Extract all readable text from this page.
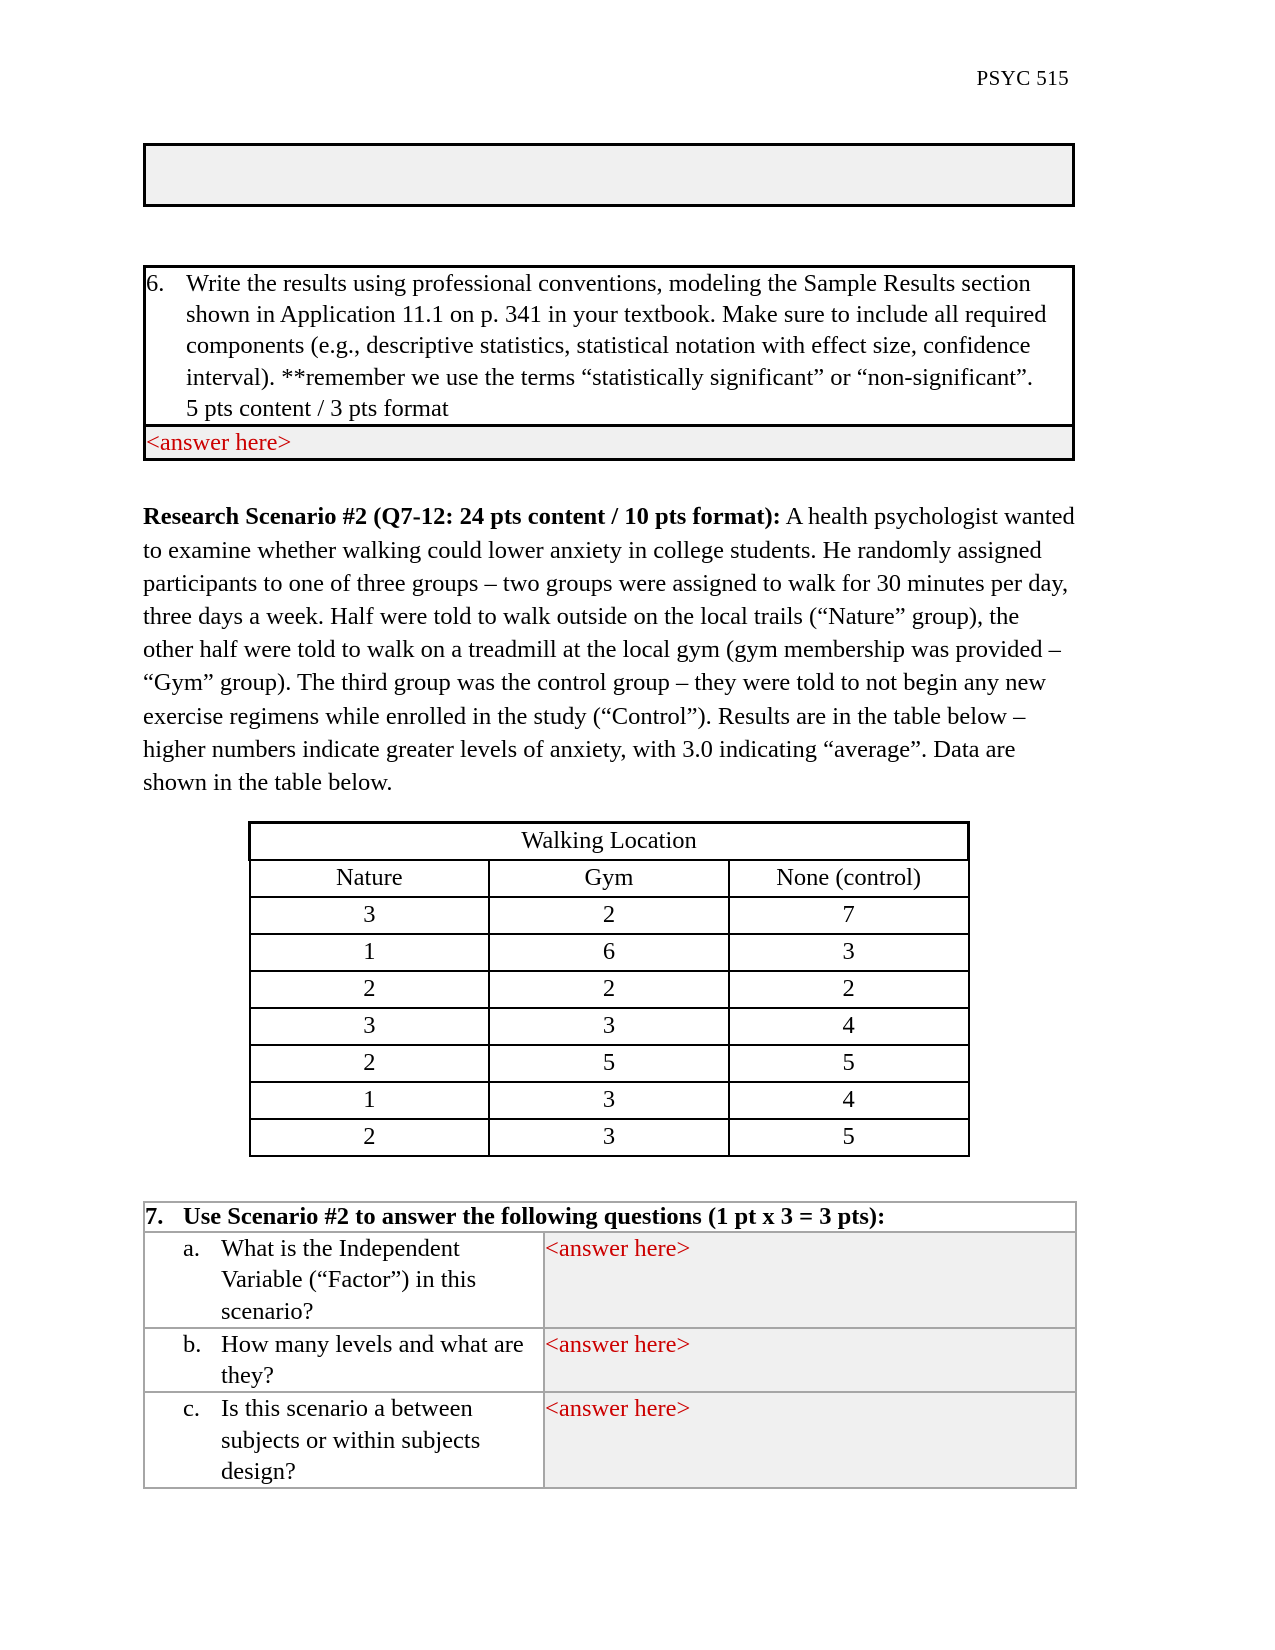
PSYC 515
6. Write the results using professional conventions, modeling the Sample Results section shown in Application 11.1 on p. 341 in your textbook. Make sure to include all required components (e.g., descriptive statistics, statistical notation with effect size, confidence interval). **remember we use the terms “statistically significant” or “non-significant”.

5 pts content / 3 pts format

<answer here>

Research Scenario #2 (Q7-12: 24 pts content / 10 pts format): A health psychologist wanted to examine whether walking could lower anxiety in college students. He randomly assigned participants to one of three groups – two groups were assigned to walk for 30 minutes per day, three days a week. Half were told to walk outside on the local trails (“Nature” group), the other half were told to walk on a treadmill at the local gym (gym membership was provided – “Gym” group). The third group was the control group – they were told to not begin any new exercise regimens while enrolled in the study (“Control”). Results are in the table below – higher numbers indicate greater levels of anxiety, with 3.0 indicating “average”. Data are shown in the table below.

Walking Location		
Nature	Gym	None (control)
3	2	7
1	6	3
2	2	2
3	3	4
2	5	5
1	3	4
2	3	5
7. Use Scenario #2 to answer the following questions (1 pt x 3 = 3 pts):	

a. What is the Independent Variable (“Factor”) in this scenario?	<answer here>

b. How many levels and what are they?	<answer here>

c. Is this scenario a between subjects or within subjects design?	<answer here>
